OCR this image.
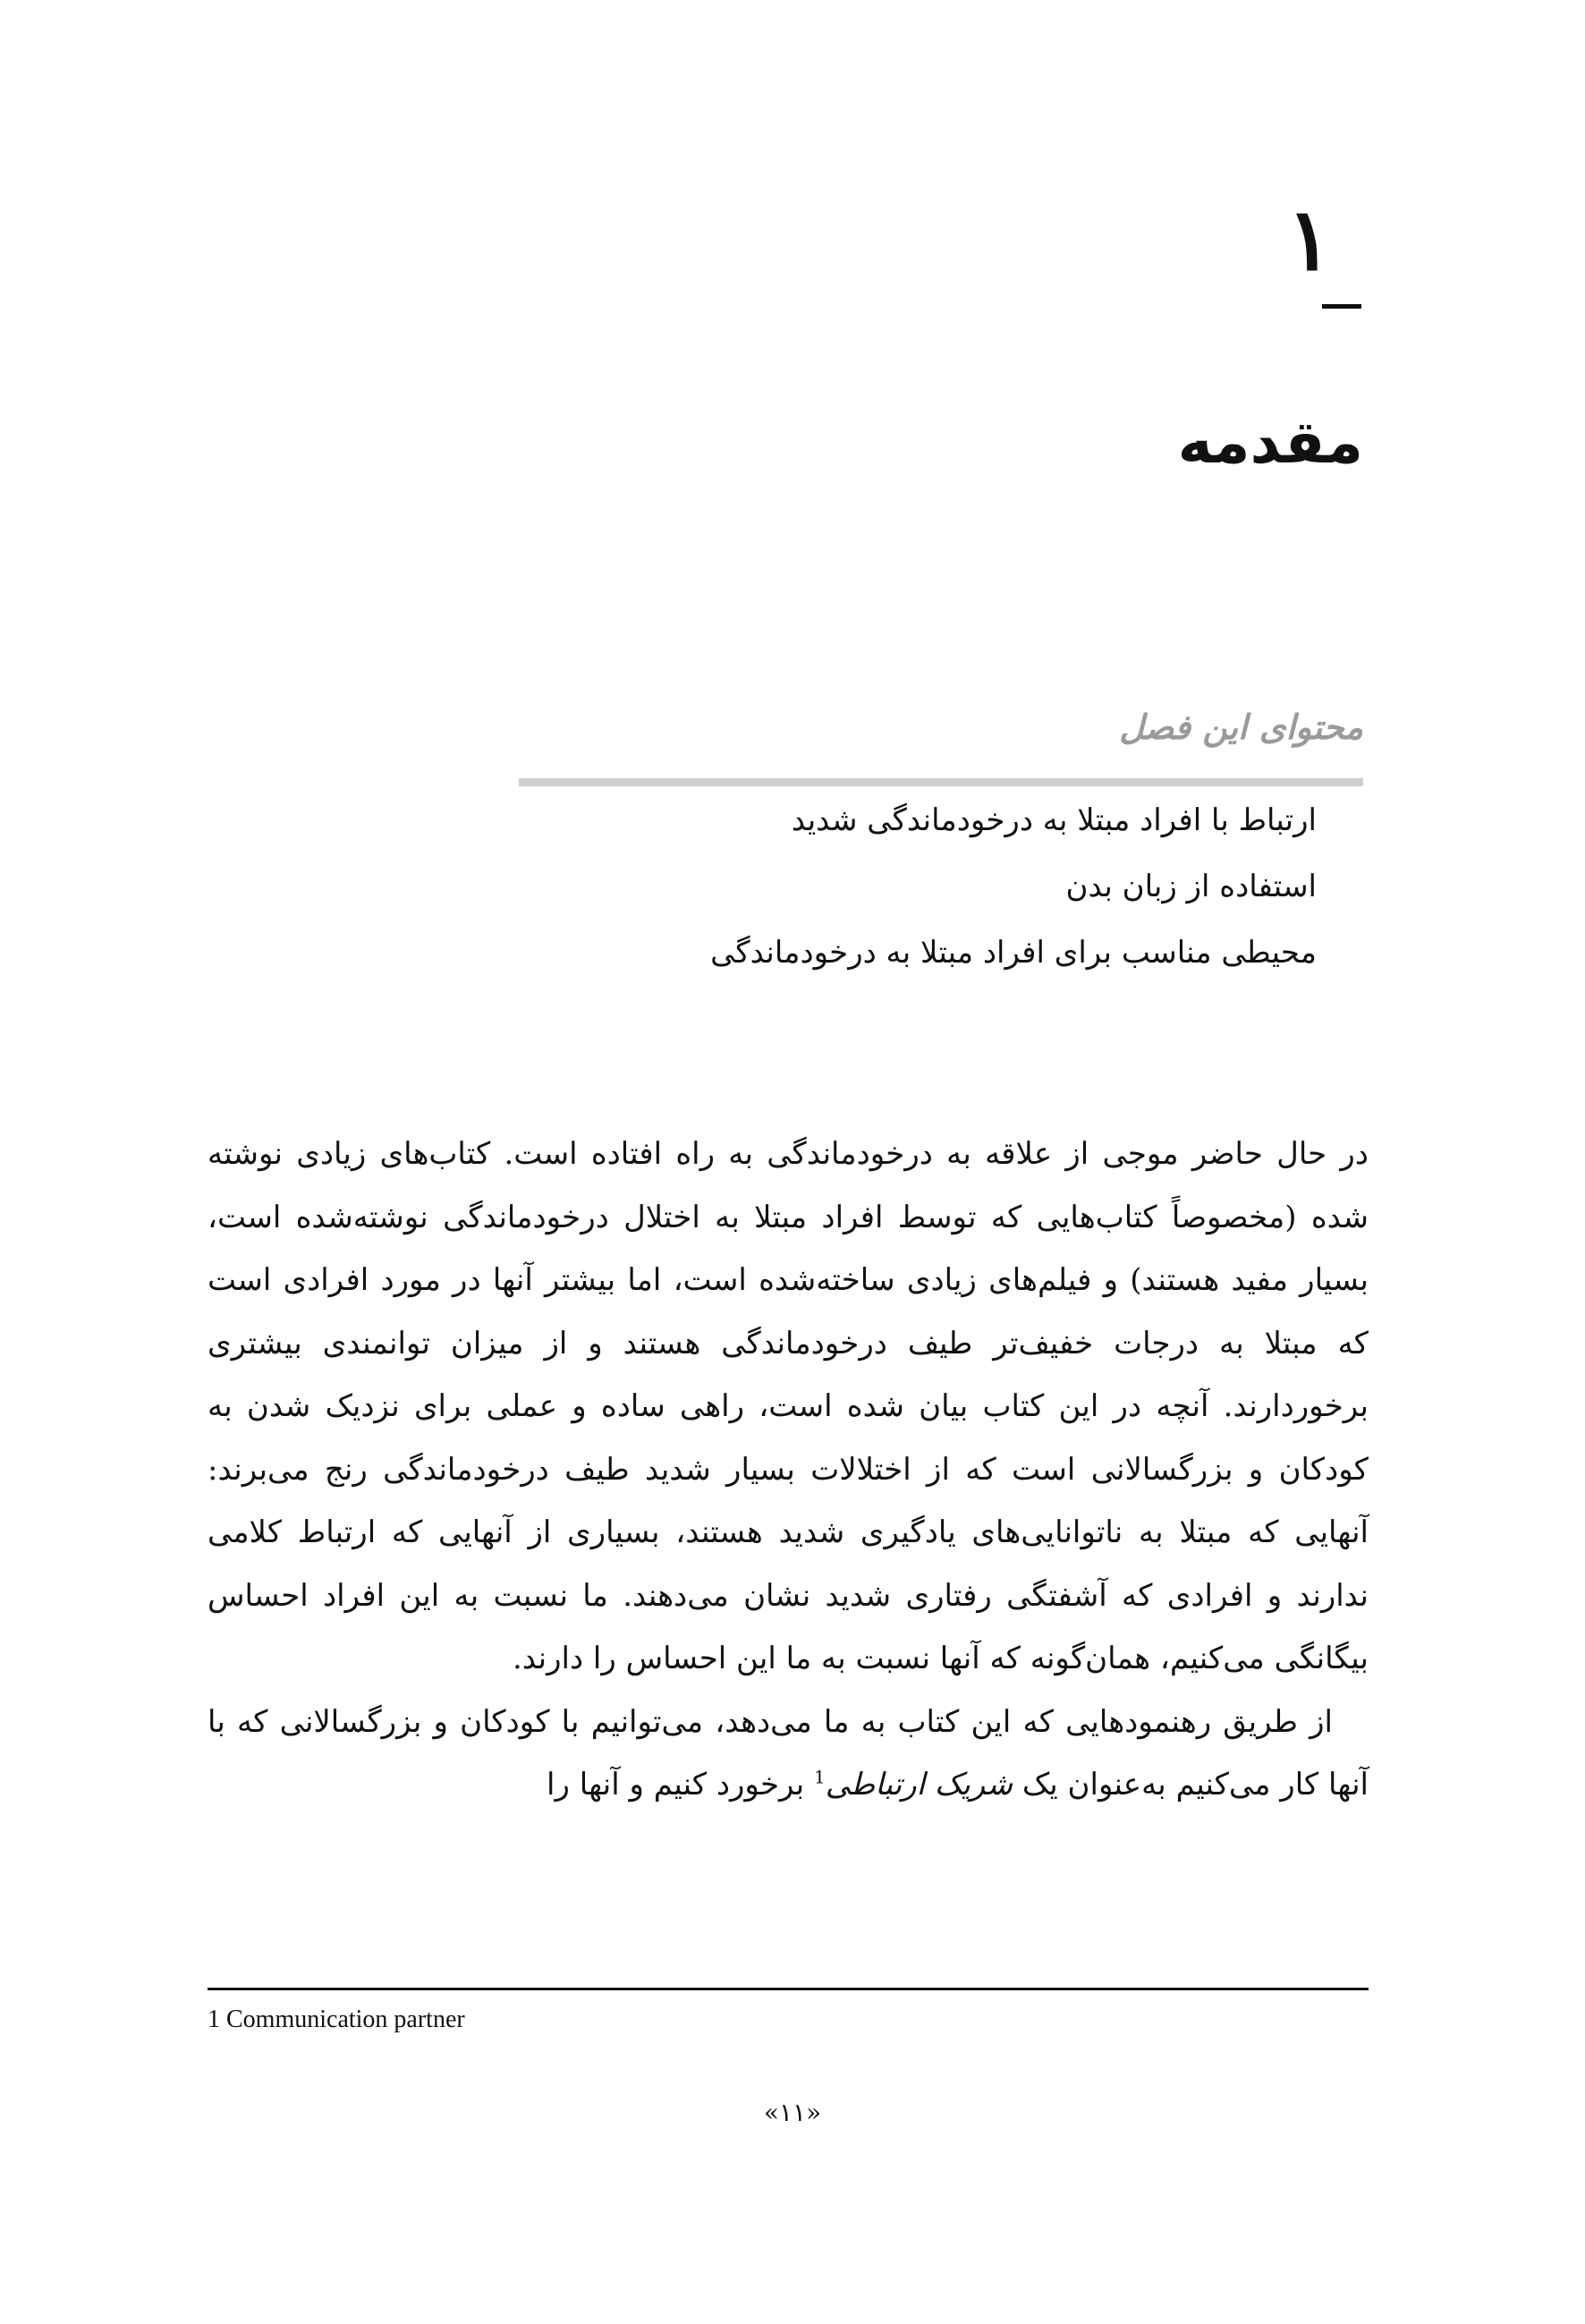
۱
مقدمه
محتوای این فصل
ارتباط با افراد مبتلا به درخودماندگی شدید
استفاده از زبان بدن
محیطی مناسب برای افراد مبتلا به درخودماندگی

در حال حاضر موجی از علاقه به درخودماندگی به راه افتاده است. کتاب‌های زیادی نوشته شده (مخصوصاً کتاب‌هایی که توسط افراد مبتلا به اختلال درخودماندگی نوشته‌شده است، بسیار مفید هستند) و فیلم‌های زیادی ساخته‌شده است، اما بیشتر آنها در مورد افرادی است که مبتلا به درجات خفیف‌تر طیف درخودماندگی هستند و از میزان توانمندی بیشتری برخوردارند. آنچه در این کتاب بیان شده است، راهی ساده و عملی برای نزدیک شدن به کودکان و بزرگسالانی است که از اختلالات بسیار شدید طیف درخودماندگی رنج می‌برند: آنهایی که مبتلا به ناتوانایی‌های یادگیری شدید هستند، بسیاری از آنهایی که ارتباط کلامی ندارند و افرادی که آشفتگی رفتاری شدید نشان می‌دهند. ما نسبت به این افراد احساس بیگانگی می‌کنیم، همان‌گونه که آنها نسبت به ما این احساس را دارند.

از طریق رهنمودهایی که این کتاب به ما می‌دهد، می‌توانیم با کودکان و بزرگسالانی که با آنها کار می‌کنیم به‌عنوان یک شریک ارتباطی$^1$ برخورد کنیم و آنها را

1 Communication partner
«۱۱»
